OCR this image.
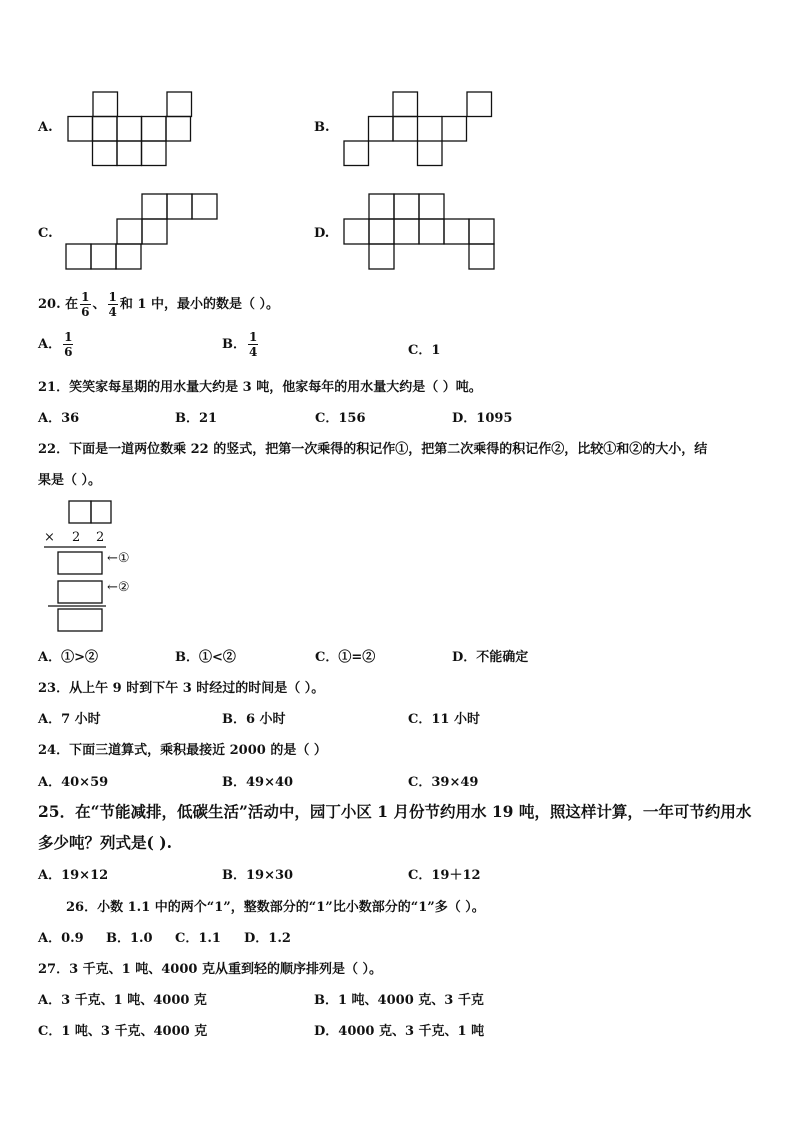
A.	B.
C.	D.
20. 在 $\frac{1}{6}$ 、 $\frac{1}{4}$ 和 1 中，最小的数是（ ）。
A． $\frac{1}{6}$	B． $\frac{1}{4}$	C．1
21．笑笑家每星期的用水量大约是 3 吨，他家每年的用水量大约是（ ）吨。
A．36	B．21	C．156	D．1095
22．下面是一道两位数乘 22 的竖式，把第一次乘得的积记作①，把第二次乘得的积记作②，比较①和②的大小，结
果是（ ）。
× 2 2
←①
←②
A．①>②	B．①<②	C．①=②	D．不能确定
23．从上午 9 时到下午 3 时经过的时间是（ ）。
A．7 小时	B．6 小时	C．11 小时
24．下面三道算式，乘积最接近 2000 的是（ ）
A．40×59	B．49×40	C．39×49
25．在“节能减排，低碳生活”活动中，园丁小区 1 月份节约用水 19 吨，照这样计算，一年可节约用水
多少吨？列式是( ).
A．19×12	B．19×30	C．19＋12
26．小数 1.1 中的两个“1”，整数部分的“1”比小数部分的“1”多（ ）。
A．0.9 B．1.0 C．1.1 D．1.2
27．3 千克、1 吨、4000 克从重到轻的顺序排列是（ ）。
A．3 千克、1 吨、4000 克	B．1 吨、4000 克、3 千克
C．1 吨、3 千克、4000 克	D．4000 克、3 千克、1 吨
